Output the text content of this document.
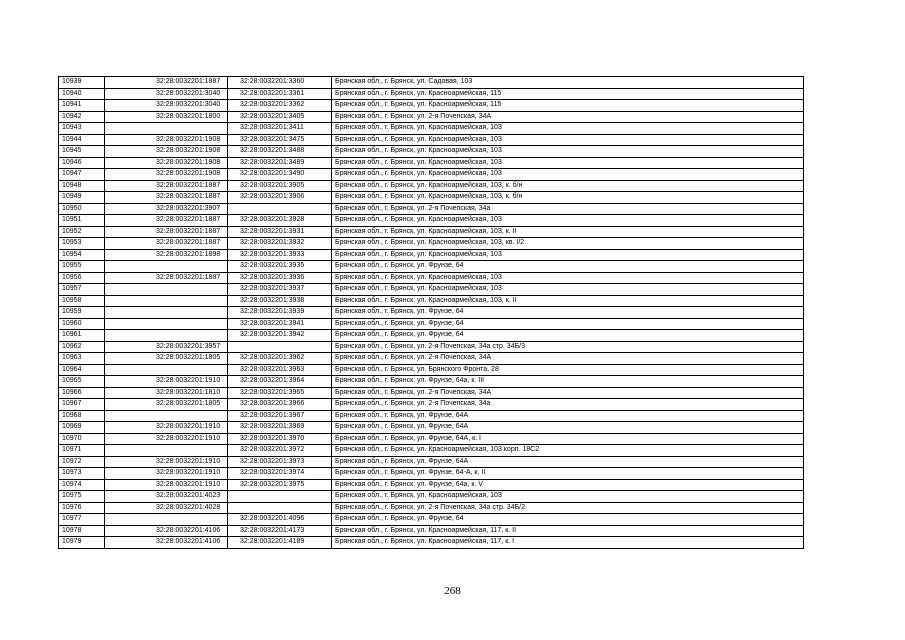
10939	32:28:0032201:1887	32:28:0032201:3360	Брянская обл., г. Брянск, ул. Садовая, 103
10940	32:28:0032201:3040	32:28:0032201:3361	Брянская обл., г. Брянск, ул. Красноармейская, 115
10941	32:28:0032201:3040	32:28:0032201:3362	Брянская обл., г. Брянск, ул. Красноармейская, 115
10942	32:28:0032201:1800	32:28:0032201:3405	Брянская обл., г. Брянск, ул. 2-я Почепская, 34А
10943		32:28:0032201:3411	Брянская обл., г. Брянск, ул. Красноармейская, 103
10944	32:28:0032201:1908	32:28:0032201:3475	Брянская обл., г. Брянск, ул. Красноармейская, 103
10945	32:28:0032201:1908	32:28:0032201:3488	Брянская обл., г. Брянск, ул. Красноармейская, 103
10946	32:28:0032201:1908	32:28:0032201:3489	Брянская обл., г. Брянск, ул. Красноармейская, 103
10947	32:28:0032201:1908	32:28:0032201:3490	Брянская обл., г. Брянск, ул. Красноармейская, 103
10948	32:28:0032201:1887	32:28:0032201:3905	Брянская обл., г. Брянск, ул. Красноармейская, 103, к. б/н
10949	32:28:0032201:1887	32:28:0032201:3906	Брянская обл., г. Брянск, ул. Красноармейская, 103, к. б/н
10950	32:28:0032201:3907		Брянская обл., г. Брянск, ул. 2-я Почепская, 34а
10951	32:28:0032201:1887	32:28:0032201:3928	Брянская обл., г. Брянск, ул. Красноармейская, 103
10952	32:28:0032201:1887	32:28:0032201:3931	Брянская обл., г. Брянск, ул. Красноармейская, 103, к. II
10953	32:28:0032201:1887	32:28:0032201:3932	Брянская обл., г. Брянск, ул. Красноармейская, 103, кв. I/2
10954	32:28:0032201:1898	32:28:0032201:3933	Брянская обл., г. Брянск, ул. Красноармейская, 103
10955		32:28:0032201:3935	Брянская обл., г. Брянск, ул. Фрунзе, 64
10956	32:28:0032201:1887	32:28:0032201:3936	Брянская обл., г. Брянск, ул. Красноармейская, 103
10957		32:28:0032201:3937	Брянская обл., г. Брянск, ул. Красноармейская, 103
10958		32:28:0032201:3938	Брянская обл., г. Брянск, ул. Красноармейская, 103, к. II
10959		32:28:0032201:3939	Брянская обл., г. Брянск, ул. Фрунзе, 64
10960		32:28:0032201:3941	Брянская обл., г. Брянск, ул. Фрунзе, 64
10961		32:28:0032201:3942	Брянская обл., г. Брянск, ул. Фрунзе, 64
10962	32:28:0032201:3957		Брянская обл., г. Брянск, ул. 2-я Почепская, 34а стр. 34Б/3
10963	32:28:0032201:1805	32:28:0032201:3962	Брянская обл., г. Брянск, ул. 2-я Почепская, 34А
10964		32:28:0032201:3963	Брянская обл., г. Брянск, ул. Брянского Фронта, 28
10965	32:28:0032201:1910	32:28:0032201:3964	Брянская обл., г. Брянск, ул. Фрунзе, 64а, к. III
10966	32:28:0032201:1810	32:28:0032201:3965	Брянская обл., г. Брянск, ул. 2-я Почепская, 34А
10967	32:28:0032201:1805	32:28:0032201:3966	Брянская обл., г. Брянск, ул. 2-я Почепская, 34а
10968		32:28:0032201:3967	Брянская обл., г. Брянск, ул. Фрунзе, 64А
10969	32:28:0032201:1910	32:28:0032201:3969	Брянская обл., г. Брянск, ул. Фрунзе, 64А
10970	32:28:0032201:1910	32:28:0032201:3970	Брянская обл., г. Брянск, ул. Фрунзе, 64А, к. I
10971		32:28:0032201:3972	Брянская обл., г. Брянск, ул. Красноармейская, 103 корп. 18С2
10972	32:28:0032201:1910	32:28:0032201:3973	Брянская обл., г. Брянск, ул. Фрунзе, 64А
10973	32:28:0032201:1910	32:28:0032201:3974	Брянская обл., г. Брянск, ул. Фрунзе, 64-А, к. II
10974	32:28:0032201:1910	32:28:0032201:3975	Брянская обл., г. Брянск, ул. Фрунзе, 64а, к. V
10975	32:28:0032201:4023		Брянская обл., г. Брянск, ул. Красноармейская, 103
10976	32:28:0032201:4028		Брянская обл., г. Брянск, ул. 2-я Почепская, 34а стр. 34Б/2
10977		32:28:0032201:4096	Брянская обл., г. Брянск, ул. Фрунзе, 64
10978	32:28:0032201:4106	32:28:0032201:4173	Брянская обл., г. Брянск, ул. Красноармейская, 117, к. II
10979	32:28:0032201:4106	32:28:0032201:4189	Брянская обл., г. Брянск, ул. Красноармейская, 117, к. I
268
